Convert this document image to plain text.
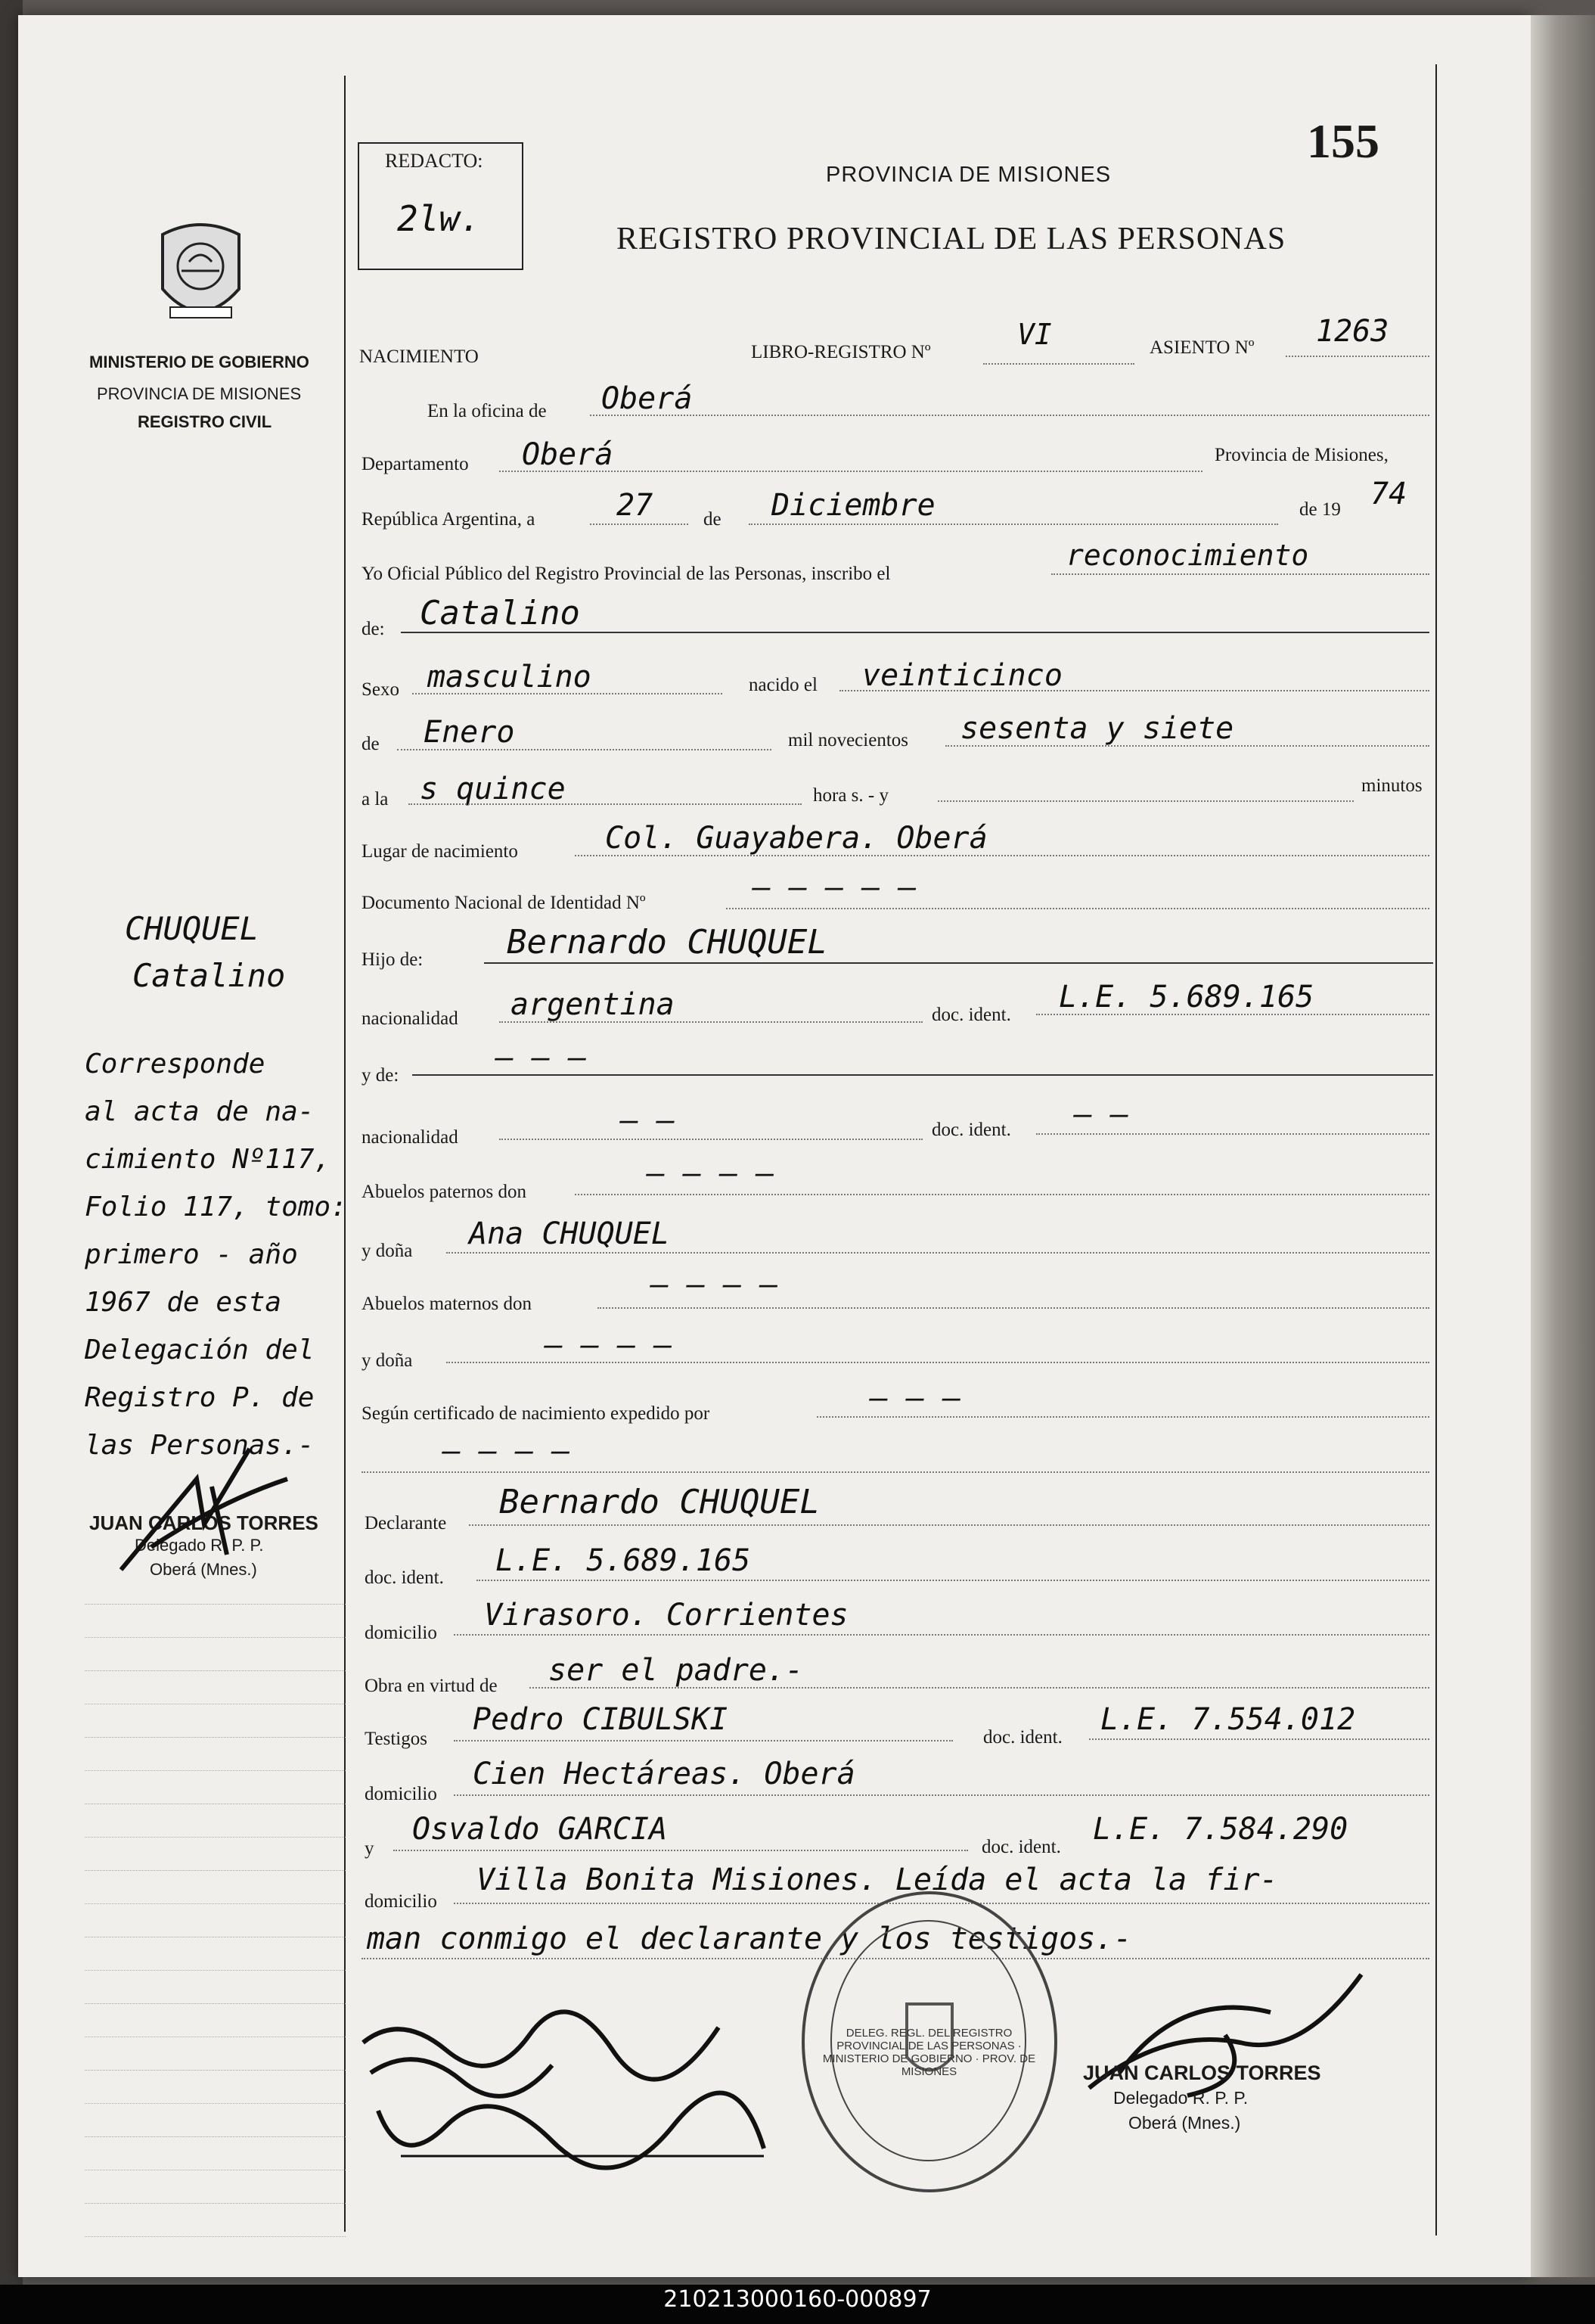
REDACTO:
2lw.
155
PROVINCIA DE MISIONES
REGISTRO PROVINCIAL DE LAS PERSONAS
MINISTERIO DE GOBIERNO
PROVINCIA DE MISIONES
REGISTRO CIVIL
NACIMIENTO	LIBRO-REGISTRO Nº
VI	ASIENTO Nº 1263
En la oficina de Oberá
Departamento Oberá	Provincia de Misiones,
República Argentina, a	27	de Diciembre	de 19 74
Yo Oficial Público del Registro Provincial de las Personas, inscribo el
reconocimiento
de: Catalino
Sexo masculino	nacido el veinticinco
de Enero	mil novecientos sesenta y siete
a la s quince	hora s. - y	minutos
Lugar de nacimiento	Col. Guayabera. Oberá
Documento Nacional de Identidad Nº	— — — — —
Hijo de:	Bernardo CHUQUEL
nacionalidad argentina	doc. ident.
L.E. 5.689.165
y de:
— — —
nacionalidad	— —	doc. ident. — —
Abuelos paternos don
— — — —
y doña Ana CHUQUEL
Abuelos maternos don
— — — —
y doña	— — — —
Según certificado de nacimiento expedido por	— — —
— — — —
Declarante
Bernardo CHUQUEL
doc. ident. L.E. 5.689.165
domicilio
Virasoro. Corrientes
Obra en virtud de ser el padre.-
Testigos
Pedro CIBULSKI
doc. ident.
L.E. 7.554.012
domicilio
Cien Hectáreas. Oberá
y
Osvaldo GARCIA
doc. ident.
L.E. 7.584.290
domicilio
Villa Bonita Misiones. Leída el acta la fir-
man conmigo el declarante y los testigos.-
CHUQUEL
Catalino
Corresponde
al acta de na-
cimiento Nº117,
Folio 117, tomo:
primero - año
1967 de esta
Delegación del
Registro P. de
las Personas.-
JUAN CARLOS TORRES
Delegado R. P. P.
Oberá (Mnes.)
JUAN CARLOS TORRES
Delegado R. P. P.
Oberá (Mnes.)
DELEG. REGL. DEL REGISTRO PROVINCIAL DE LAS PERSONAS · MINISTERIO DE GOBIERNO · PROV. DE MISIONES
210213000160-000897
